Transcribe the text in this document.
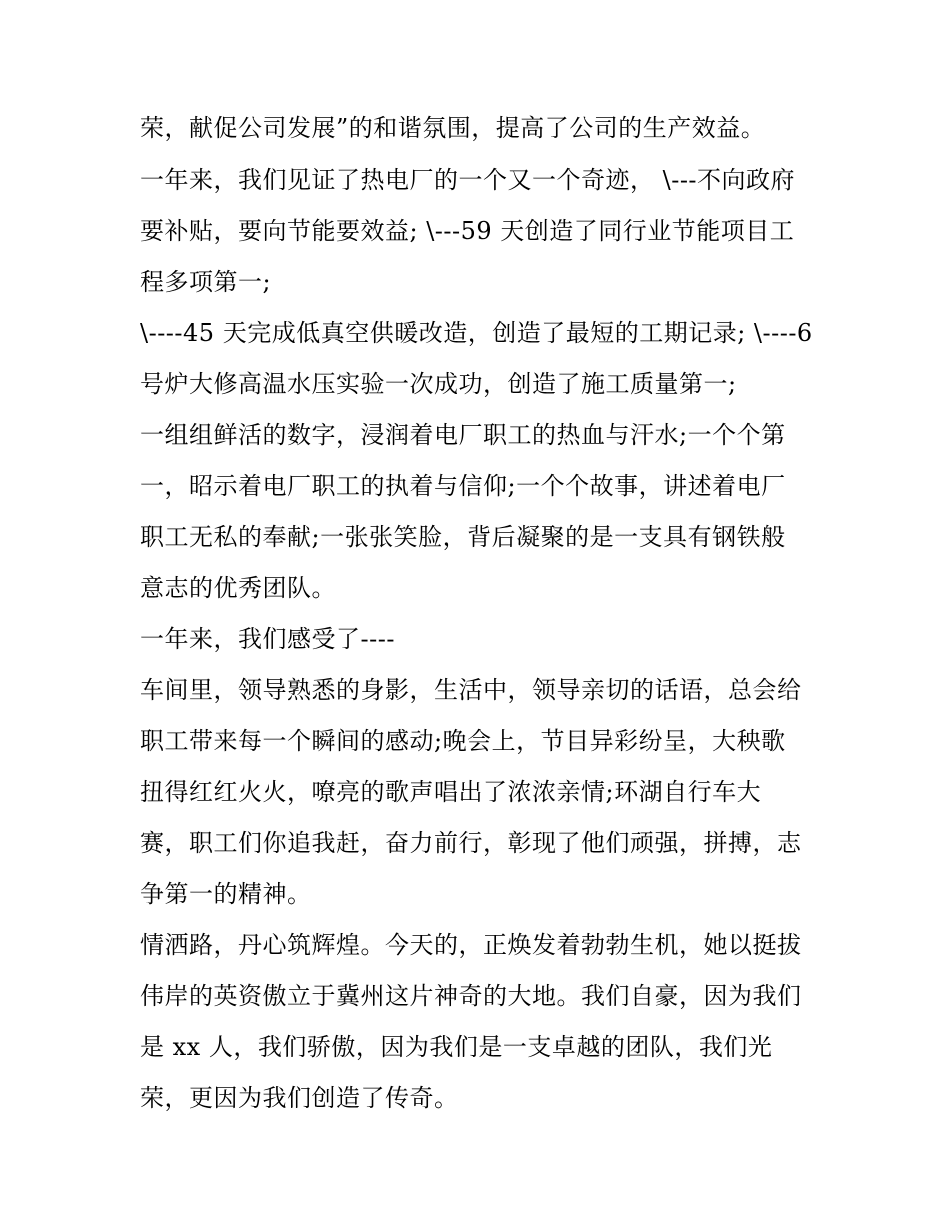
荣，献促公司发展”的和谐氛围，提高了公司的生产效益。
一年来，我们见证了热电厂的一个又一个奇迹， \---不向政府
要补贴，要向节能要效益; \---59 天创造了同行业节能项目工
程多项第一;
\----45 天完成低真空供暖改造，创造了最短的工期记录; \----6
号炉大修高温水压实验一次成功，创造了施工质量第一;
一组组鲜活的数字，浸润着电厂职工的热血与汗水;一个个第
一，昭示着电厂职工的执着与信仰;一个个故事，讲述着电厂
职工无私的奉献;一张张笑脸，背后凝聚的是一支具有钢铁般
意志的优秀团队。
一年来，我们感受了----
车间里，领导熟悉的身影，生活中，领导亲切的话语，总会给
职工带来每一个瞬间的感动;晚会上，节目异彩纷呈，大秧歌
扭得红红火火，嘹亮的歌声唱出了浓浓亲情;环湖自行车大
赛，职工们你追我赶，奋力前行，彰现了他们顽强，拼搏，志
争第一的精神。
情洒路，丹心筑辉煌。今天的，正焕发着勃勃生机，她以挺拔
伟岸的英资傲立于冀州这片神奇的大地。我们自豪，因为我们
是 xx 人，我们骄傲，因为我们是一支卓越的团队，我们光
荣，更因为我们创造了传奇。
